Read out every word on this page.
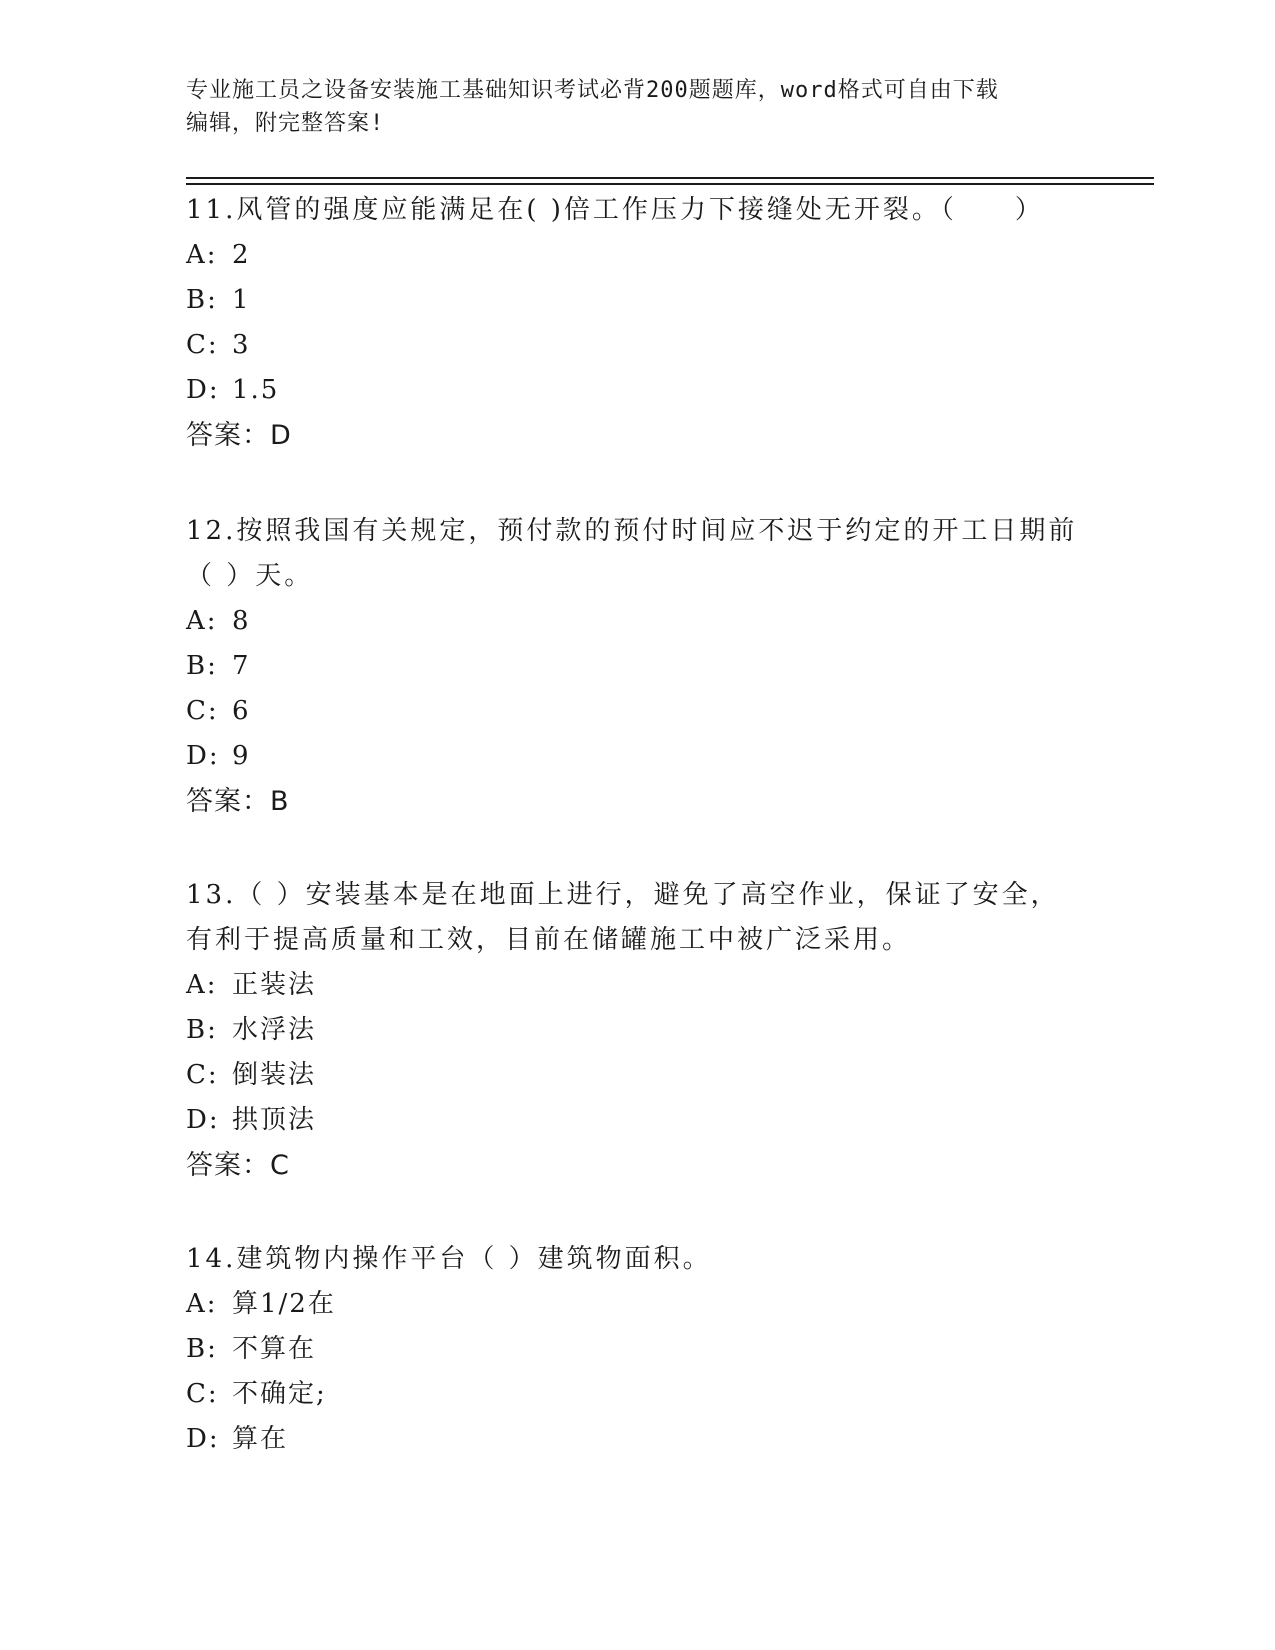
专业施工员之设备安装施工基础知识考试必背200题题库，word格式可自由下载
编辑，附完整答案!

11.风管的强度应能满足在( )倍工作压力下接缝处无开裂。（　　）

A: 2

B: 1

C: 3

D: 1.5

答案：D

12.按照我国有关规定，预付款的预付时间应不迟于约定的开工日期前（ ）天。

A: 8

B: 7

C: 6

D: 9

答案：B

13.（ ）安装基本是在地面上进行，避免了高空作业，保证了安全，有利于提高质量和工效，目前在储罐施工中被广泛采用。

A: 正装法

B: 水浮法

C: 倒装法

D: 拱顶法

答案：C

14.建筑物内操作平台（ ）建筑物面积。

A: 算1/2在

B: 不算在

C: 不确定;

D: 算在
